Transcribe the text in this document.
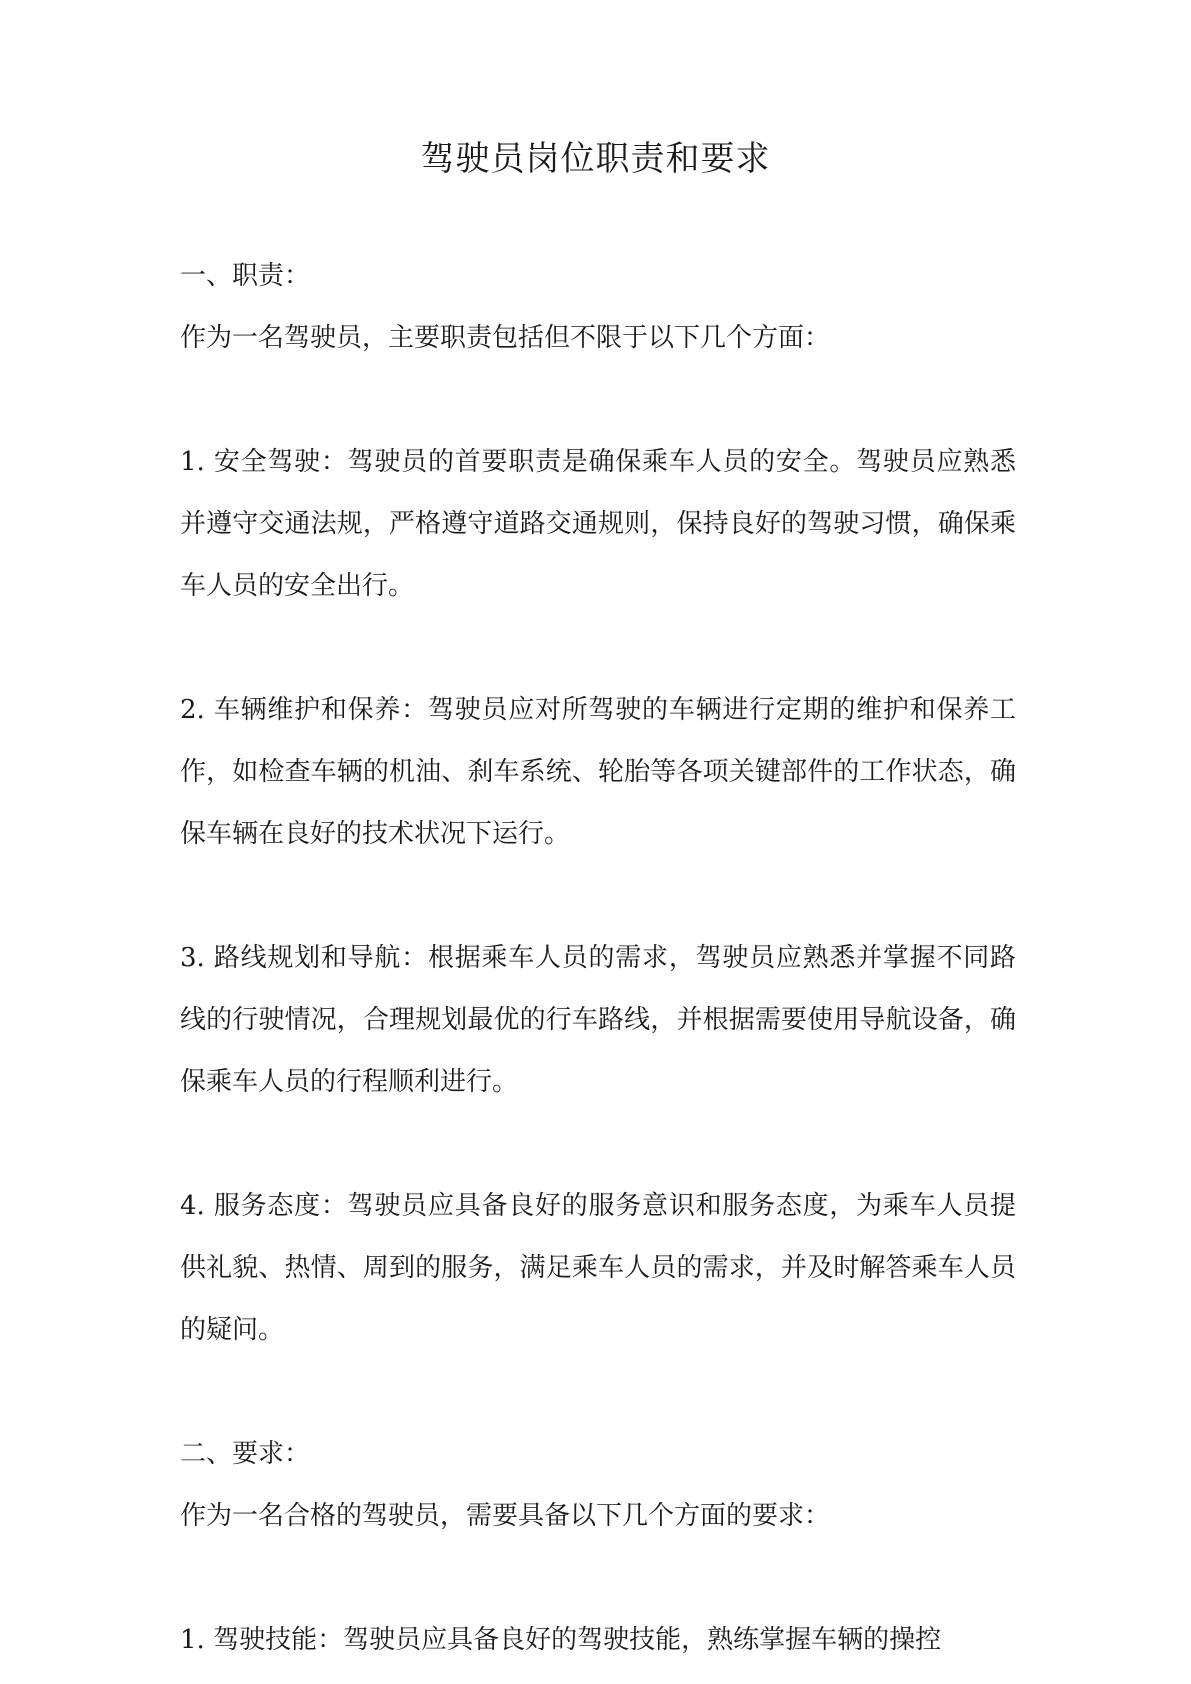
驾驶员岗位职责和要求

一、职责：

作为一名驾驶员，主要职责包括但不限于以下几个方面：

1. 安全驾驶：驾驶员的首要职责是确保乘车人员的安全。驾驶员应熟悉并遵守交通法规，严格遵守道路交通规则，保持良好的驾驶习惯，确保乘车人员的安全出行。

2. 车辆维护和保养：驾驶员应对所驾驶的车辆进行定期的维护和保养工作，如检查车辆的机油、刹车系统、轮胎等各项关键部件的工作状态，确保车辆在良好的技术状况下运行。

3. 路线规划和导航：根据乘车人员的需求，驾驶员应熟悉并掌握不同路线的行驶情况，合理规划最优的行车路线，并根据需要使用导航设备，确保乘车人员的行程顺利进行。

4. 服务态度：驾驶员应具备良好的服务意识和服务态度，为乘车人员提供礼貌、热情、周到的服务，满足乘车人员的需求，并及时解答乘车人员的疑问。

二、要求：

作为一名合格的驾驶员，需要具备以下几个方面的要求：

1. 驾驶技能：驾驶员应具备良好的驾驶技能，熟练掌握车辆的操控
